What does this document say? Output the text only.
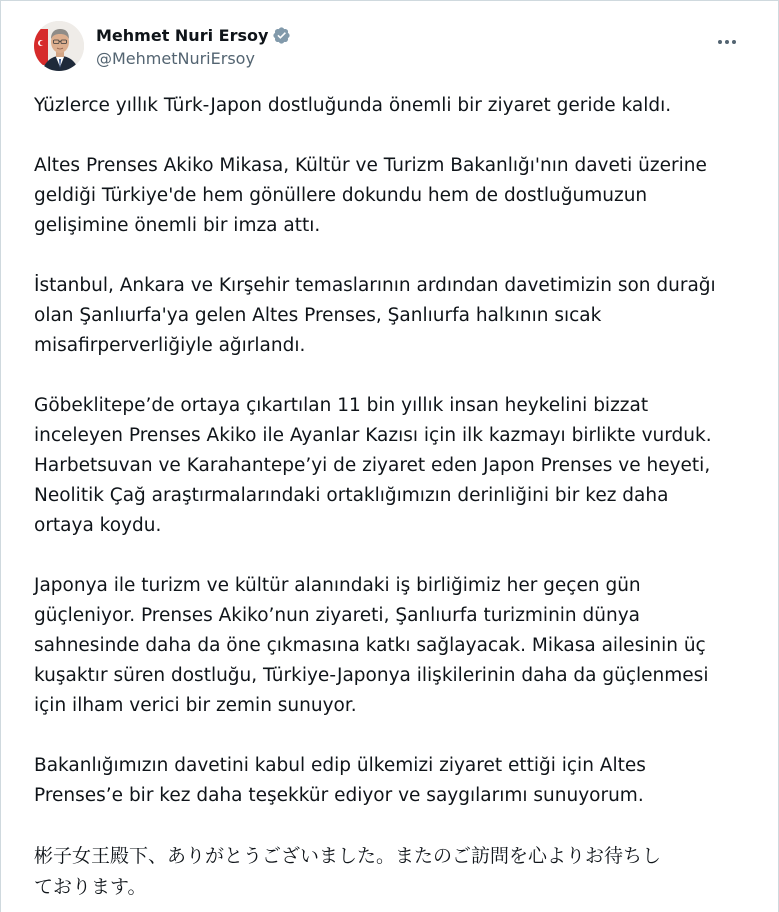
Mehmet Nuri Ersoy
@MehmetNuriErsoy

Yüzlerce yıllık Türk-Japon dostluğunda önemli bir ziyaret geride kaldı.

Altes Prenses Akiko Mikasa, Kültür ve Turizm Bakanlığı'nın daveti üzerine
geldiği Türkiye'de hem gönüllere dokundu hem de dostluğumuzun
gelişimine önemli bir imza attı.

İstanbul, Ankara ve Kırşehir temaslarının ardından davetimizin son durağı
olan Şanlıurfa'ya gelen Altes Prenses, Şanlıurfa halkının sıcak
misafirperverliğiyle ağırlandı.

Göbeklitepe’de ortaya çıkartılan 11 bin yıllık insan heykelini bizzat
inceleyen Prenses Akiko ile Ayanlar Kazısı için ilk kazmayı birlikte vurduk.
Harbetsuvan ve Karahantepe’yi de ziyaret eden Japon Prenses ve heyeti,
Neolitik Çağ araştırmalarındaki ortaklığımızın derinliğini bir kez daha
ortaya koydu.

Japonya ile turizm ve kültür alanındaki iş birliğimiz her geçen gün
güçleniyor. Prenses Akiko’nun ziyareti, Şanlıurfa turizminin dünya
sahnesinde daha da öne çıkmasına katkı sağlayacak. Mikasa ailesinin üç
kuşaktır süren dostluğu, Türkiye-Japonya ilişkilerinin daha da güçlenmesi
için ilham verici bir zemin sunuyor.

Bakanlığımızın davetini kabul edip ülkemizi ziyaret ettiği için Altes
Prenses’e bir kez daha teşekkür ediyor ve saygılarımı sunuyorum.

彬子女王殿下、ありがとうございました。またのご訪問を心よりお待ちし
ております。
